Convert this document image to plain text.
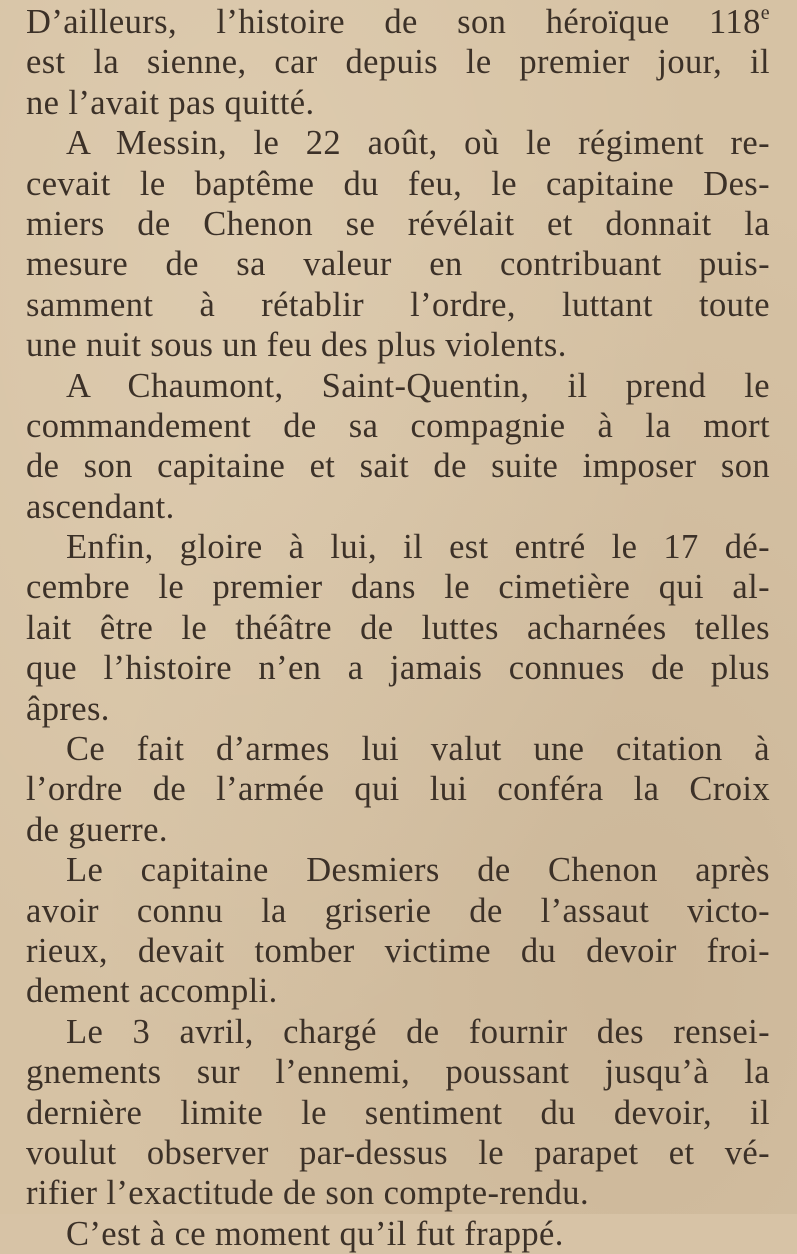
D’ailleurs, l’histoire de son héroïque 118e
est la sienne, car depuis le premier jour, il
ne l’avait pas quitté.

A Messin, le 22 août, où le régiment re-
cevait le baptême du feu, le capitaine Des-
miers de Chenon se révélait et donnait la
mesure de sa valeur en contribuant puis-
samment à rétablir l’ordre, luttant toute
une nuit sous un feu des plus violents.

A Chaumont, Saint-Quentin, il prend le
commandement de sa compagnie à la mort
de son capitaine et sait de suite imposer son
ascendant.

Enfin, gloire à lui, il est entré le 17 dé-
cembre le premier dans le cimetière qui al-
lait être le théâtre de luttes acharnées telles
que l’histoire n’en a jamais connues de plus
âpres.

Ce fait d’armes lui valut une citation à
l’ordre de l’armée qui lui conféra la Croix
de guerre.

Le capitaine Desmiers de Chenon après
avoir connu la griserie de l’assaut victo-
rieux, devait tomber victime du devoir froi-
dement accompli.

Le 3 avril, chargé de fournir des rensei-
gnements sur l’ennemi, poussant jusqu’à la
dernière limite le sentiment du devoir, il
voulut observer par-dessus le parapet et vé-
rifier l’exactitude de son compte-rendu.

C’est à ce moment qu’il fut frappé.
